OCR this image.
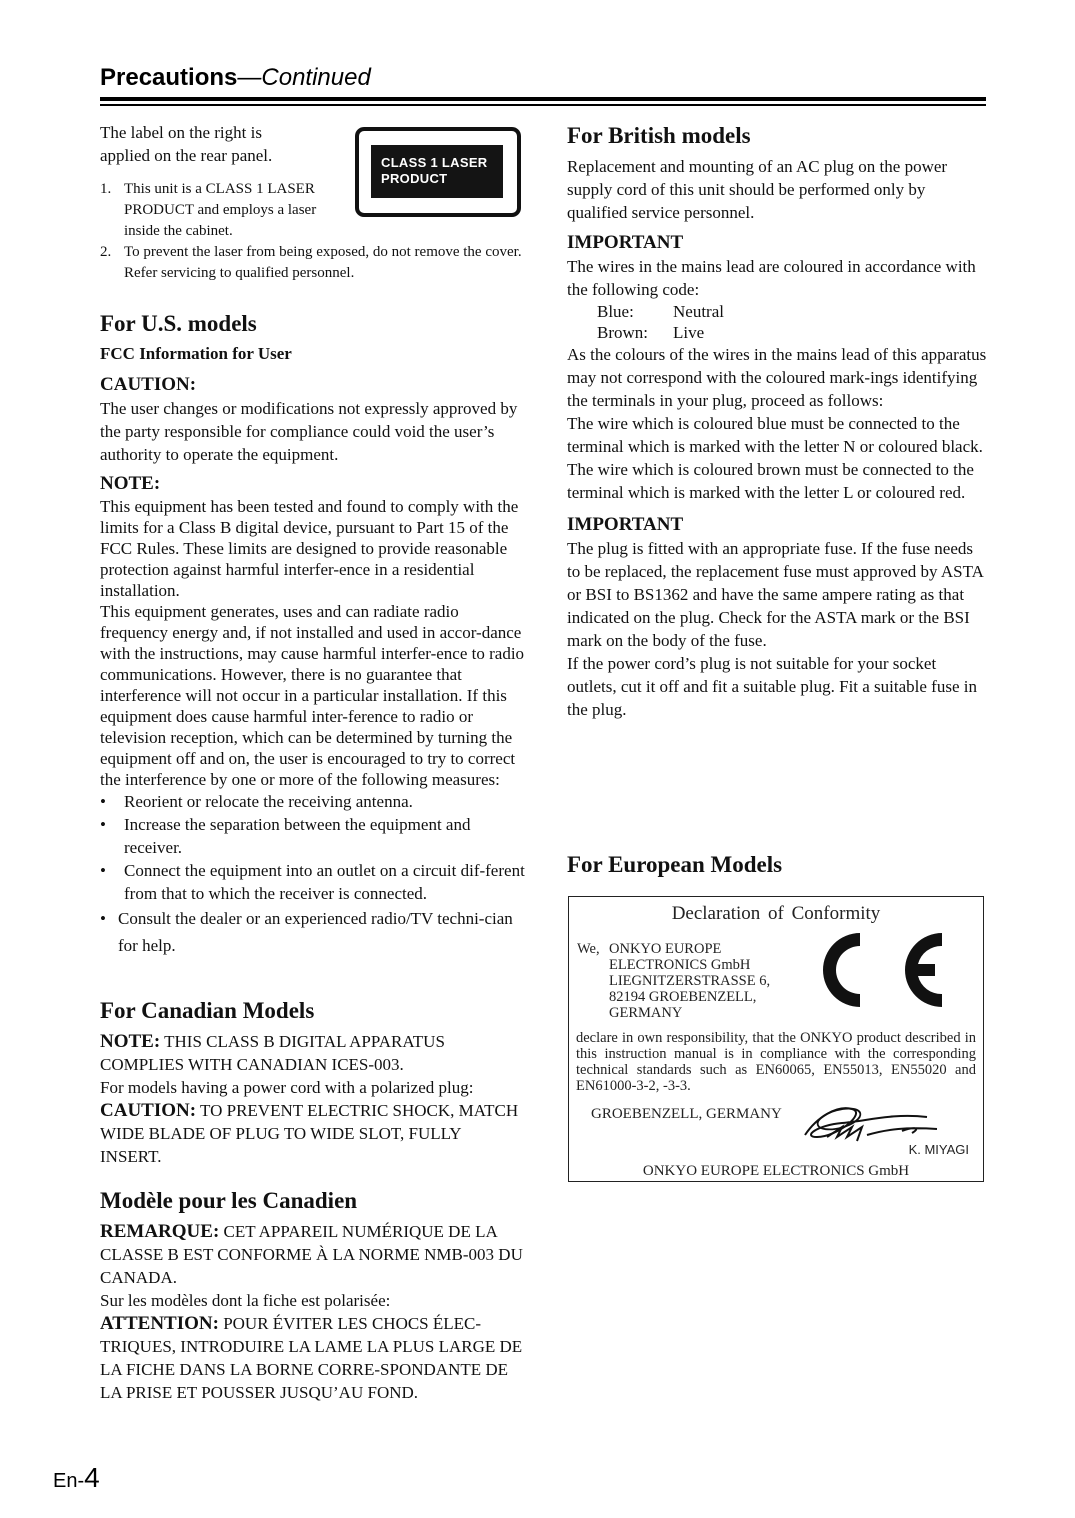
Precautions—Continued
CLASS 1 LASER
PRODUCT

The label on the right is applied on the rear panel.

1. This unit is a CLASS 1 LASER PRODUCT and employs a laser inside the cabinet.
2. To prevent the laser from being exposed, do not remove the cover. Refer servicing to qualified personnel.
For U.S. models
FCC Information for User
CAUTION:

The user changes or modifications not expressly approved by the party responsible for compliance could void the user’s authority to operate the equipment.

NOTE:

This equipment has been tested and found to comply with the limits for a Class B digital device, pursuant to Part 15 of the FCC Rules. These limits are designed to provide reasonable protection against harmful interfer-ence in a residential installation.

This equipment generates, uses and can radiate radio frequency energy and, if not installed and used in accor-dance with the instructions, may cause harmful interfer-ence to radio communications. However, there is no guarantee that interference will not occur in a particular installation. If this equipment does cause harmful inter-ference to radio or television reception, which can be determined by turning the equipment off and on, the user is encouraged to try to correct the interference by one or more of the following measures:

• Reorient or relocate the receiving antenna.
• Increase the separation between the equipment and receiver.
• Connect the equipment into an outlet on a circuit dif-ferent from that to which the receiver is connected.
• Consult the dealer or an experienced radio/TV techni-cian for help.
For Canadian Models

NOTE: THIS CLASS B DIGITAL APPARATUS COMPLIES WITH CANADIAN ICES-003.

For models having a power cord with a polarized plug:

CAUTION: TO PREVENT ELECTRIC SHOCK, MATCH WIDE BLADE OF PLUG TO WIDE SLOT, FULLY INSERT.

Modèle pour les Canadien

REMARQUE: CET APPAREIL NUMÉRIQUE DE LA CLASSE B EST CONFORME À LA NORME NMB-003 DU CANADA.

Sur les modèles dont la fiche est polarisée:

ATTENTION: POUR ÉVITER LES CHOCS ÉLEC-TRIQUES, INTRODUIRE LA LAME LA PLUS LARGE DE LA FICHE DANS LA BORNE CORRE-SPONDANTE DE LA PRISE ET POUSSER JUSQU’AU FOND.

For British models

Replacement and mounting of an AC plug on the power supply cord of this unit should be performed only by qualified service personnel.

IMPORTANT

The wires in the mains lead are coloured in accordance with the following code:

Blue:	Neutral
Brown:	Live

As the colours of the wires in the mains lead of this apparatus may not correspond with the coloured mark-ings identifying the terminals in your plug, proceed as follows:

The wire which is coloured blue must be connected to the terminal which is marked with the letter N or coloured black.

The wire which is coloured brown must be connected to the terminal which is marked with the letter L or coloured red.

IMPORTANT

The plug is fitted with an appropriate fuse. If the fuse needs to be replaced, the replacement fuse must approved by ASTA or BSI to BS1362 and have the same ampere rating as that indicated on the plug. Check for the ASTA mark or the BSI mark on the body of the fuse.

If the power cord’s plug is not suitable for your socket outlets, cut it off and fit a suitable plug. Fit a suitable fuse in the plug.

For European Models
Declaration of Conformity
We, ONKYO EUROPE
ELECTRONICS GmbH
LIEGNITZERSTRASSE 6,
82194 GROEBENZELL,
GERMANY
declare in own responsibility, that the ONKYO product described in this instruction manual is in compliance with the corresponding technical standards such as EN60065, EN55013, EN55020 and EN61000-3-2, -3-3.
GROEBENZELL, GERMANY
K. MIYAGI
ONKYO EUROPE ELECTRONICS GmbH
En-4
